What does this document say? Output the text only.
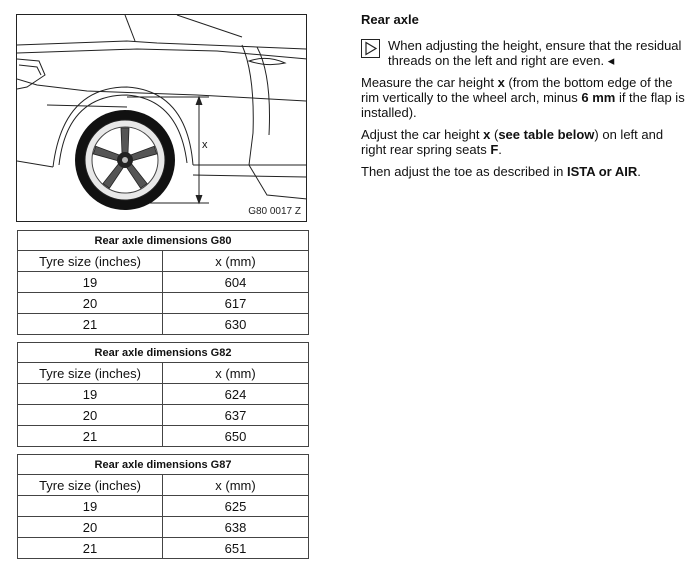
x
G80 0017 Z
Rear axle dimensions G80	
Tyre size (inches)	x (mm)
19	604
20	617
21	630
Rear axle dimensions G82	
Tyre size (inches)	x (mm)
19	624
20	637
21	650
Rear axle dimensions G87	
Tyre size (inches)	x (mm)
19	625
20	638
21	651
Rear axle
When adjusting the height, ensure that the residual threads on the left and right are even. ◂
Measure the car height x (from the bottom edge of the rim vertically to the wheel arch, minus 6 mm if the flap is installed).
Adjust the car height x (see table below) on left and right rear spring seats F.
Then adjust the toe as described in ISTA or AIR.
